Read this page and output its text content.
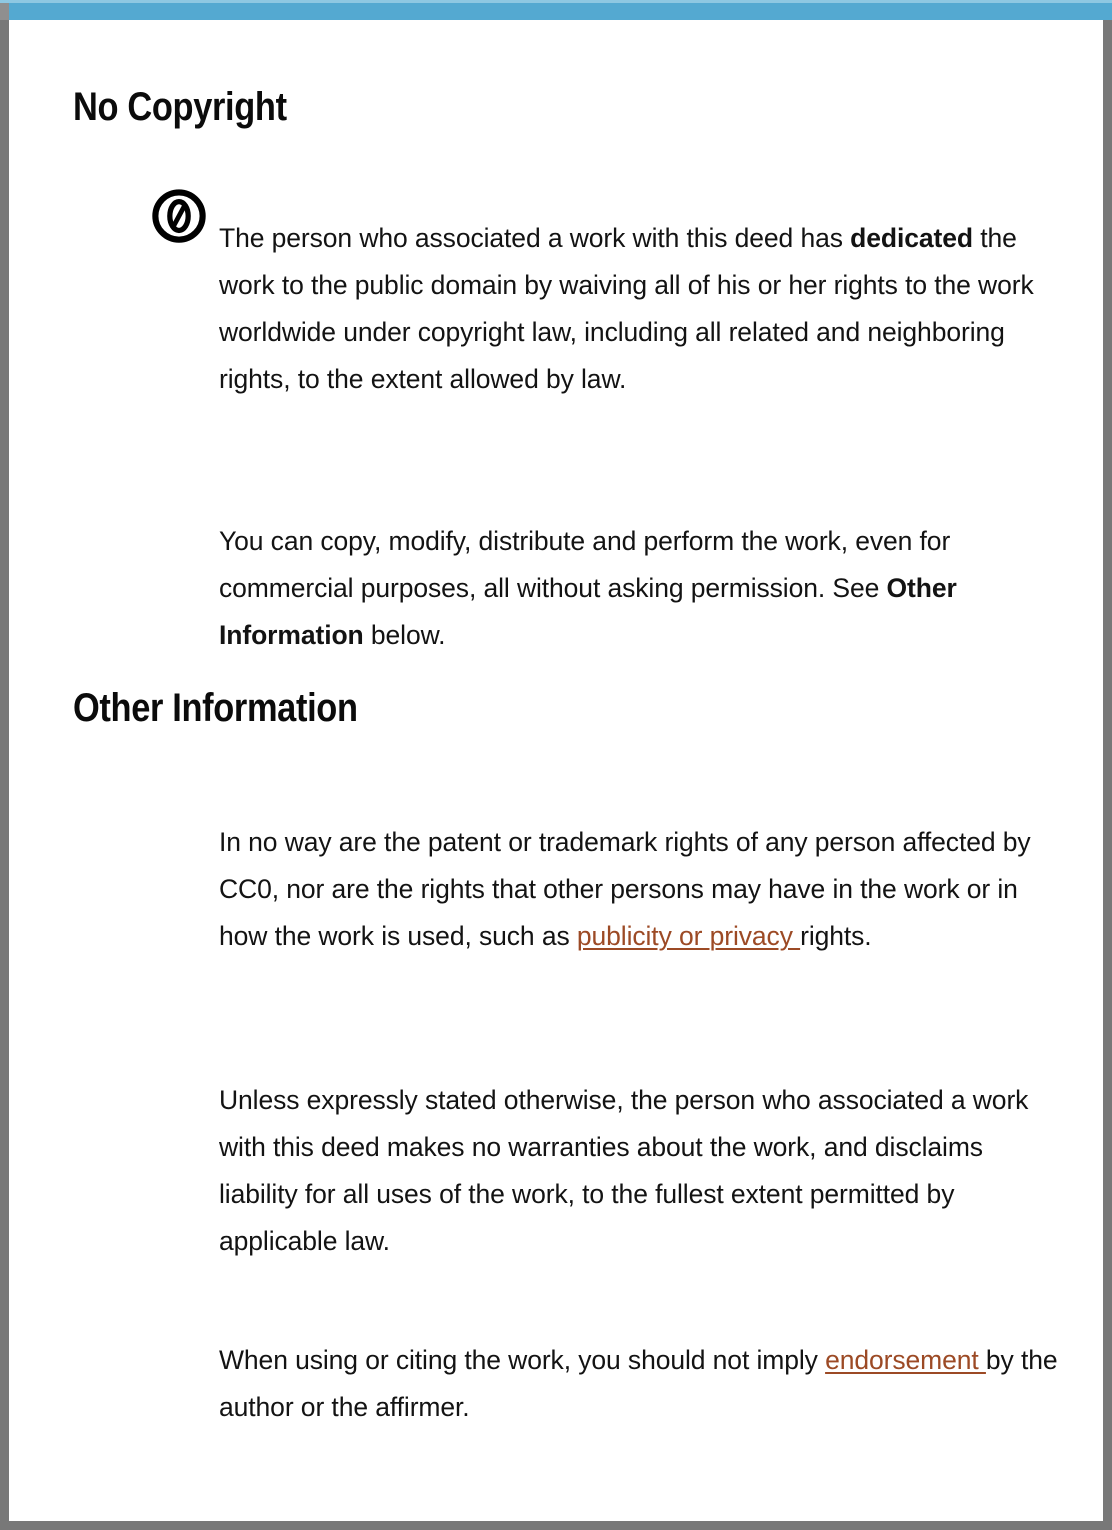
No Copyright

The person who associated a work with this deed has dedicated the work to the public domain by waiving all of his or her rights to the work worldwide under copyright law, including all related and neighboring rights, to the extent allowed by law.

You can copy, modify, distribute and perform the work, even for commercial purposes, all without asking permission. See Other Information below.

Other Information

In no way are the patent or trademark rights of any person affected by CC0, nor are the rights that other persons may have in the work or in how the work is used, such as publicity or privacy rights.

Unless expressly stated otherwise, the person who associated a work with this deed makes no warranties about the work, and disclaims liability for all uses of the work, to the fullest extent permitted by applicable law.

When using or citing the work, you should not imply endorsement by the author or the affirmer.
